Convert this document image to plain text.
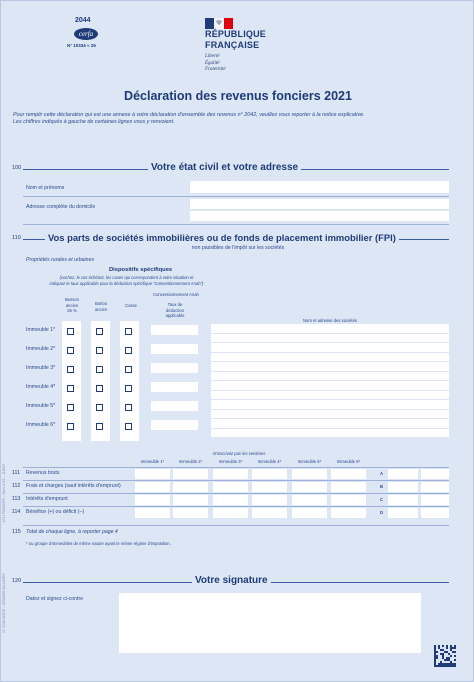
2044
cerfa
N° 10334 « 26
RÉPUBLIQUE
FRANÇAISE
Liberté
Égalité
Fraternité
Déclaration des revenus fonciers 2021
Pour remplir cette déclaration qui est une annexe à votre déclaration d'ensemble des revenus n° 2042, veuillez vous reporter à la notice explicative.
Les chiffres indiqués à gauche de certaines lignes vous y renvoient.
100	Votre état civil et votre adresse
Nom et prénoms
Adresse complète du domicile
110	Vos parts de sociétés immobilières ou de fonds de placement immobilier (FPI)
non passibles de l'impôt sur les sociétés
Propriétés rurales et urbaines
Dispositifs spécifiques
(cochez, le cas échéant, les cases qui correspondent à votre situation et
indiquez le taux applicable pour la déduction spécifique "Conventionnement Anah")
Conventionnement Anah
Besson
ancien
26 %
Borloo
ancien
Cosse	Taux de
déduction
applicable
Nom et adresse des sociétés
Immeuble 1*
Immeuble 2*
Immeuble 3*
Immeuble 4*
Immeuble 5*
Immeuble 6*
N'inscrivez pas les centimes
Immeuble 1*	Immeuble 2*	Immeuble 3*	Immeuble 4*	Immeuble 5*	Immeuble 6*
111 Revenus bruts	A
112 Frais et charges (sauf intérêts d'emprunt)	B
113 Intérêts d'emprunt	C
114 Bénéfice (+) ou déficit (–)	D
115 Total de chaque ligne, à reporter page 4
* ou groupe d'immeubles de même nature ayant le même régime d'imposition.
120	Votre signature
Datez et signez ci-contre
2021 FR/DGFiP – Mars 2021 – 118527
N° 2044-SD/DP – GROUPE ALLIAGES
